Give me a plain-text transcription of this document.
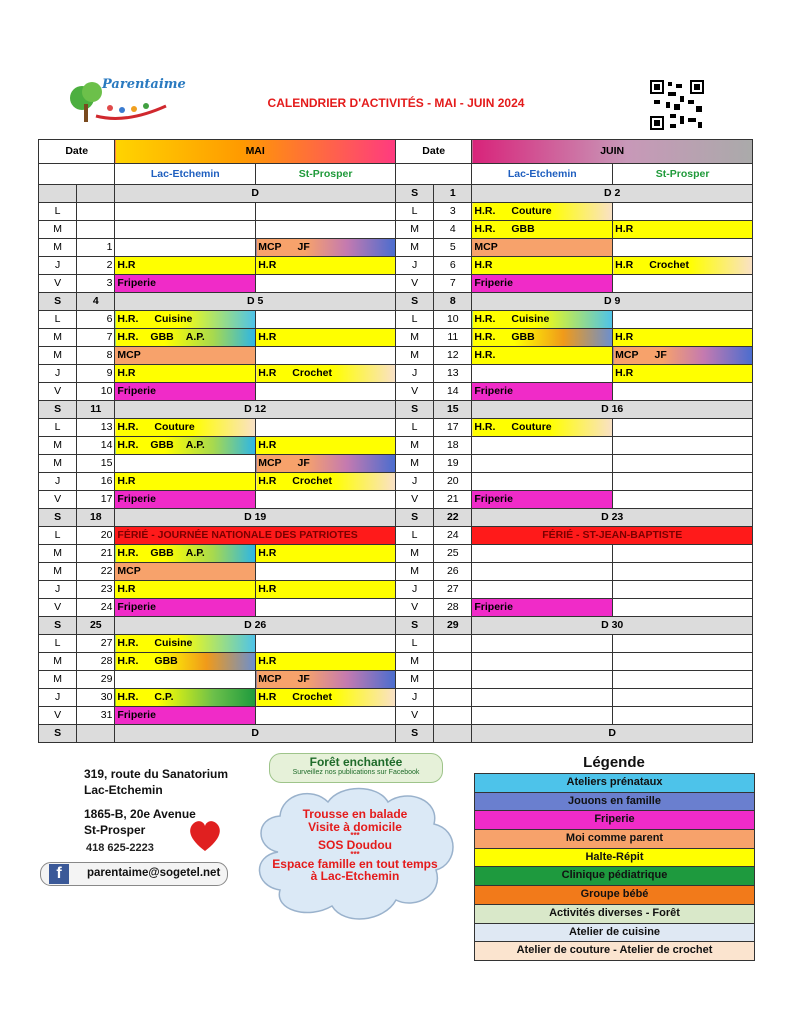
Parentaime
CALENDRIER D'ACTIVITÉS - MAI - JUIN 2024
Date		MAI		Date		JUIN	
		Lac-Etchemin	St-Prosper			Lac-Etchemin	St-Prosper
		D		S	1	D 2	
L				L	3	H.R. Couture	

M				M	4	H.R. GBB	H.R

M	1		MCP JF	M	5	MCP	

J	2	H.R	H.R	J	6	H.R	H.R Crochet

V	3	Friperie		V	7	Friperie	

S	4	D 5		S	8	D 9	
L	6	H.R. Cuisine		L	10	H.R. Cuisine	

M	7	H.R. GBB A.P.	H.R	M	11	H.R. GBB	H.R

M	8	MCP		M	12	H.R.	MCP JF

J	9	H.R	H.R Crochet	J	13		H.R

V	10	Friperie		V	14	Friperie	

S	11	D 12		S	15	D 16	
L	13	H.R. Couture		L	17	H.R. Couture	

M	14	H.R. GBB A.P.	H.R	M	18		
M	15		MCP JF	M	19		
J	16	H.R	H.R Crochet	J	20		
V	17	Friperie		V	21	Friperie	

S	18	D 19		S	22	D 23	
L	20	FÉRIÉ - JOURNÉE NATIONALE DES PATRIOTES		L	24	FÉRIÉ - ST-JEAN-BAPTISTE	
M	21	H.R. GBB A.P.	H.R	M	25		
M	22	MCP		M	26		
J	23	H.R	H.R	J	27		
V	24	Friperie		V	28	Friperie	

S	25	D 26		S	29	D 30	
L	27	H.R. Cuisine		L			
M	28	H.R. GBB	H.R	M			
M	29		MCP JF	M			
J	30	H.R. C.P.	H.R Crochet	J			
V	31	Friperie		V			
S		D		S		D	
319, route du Sanatorium
Lac-Etchemin
1865-B, 20e Avenue
St-Prosper
418 625-2223
f	parentaime@sogetel.net
Forêt enchantée
Surveillez nos publications sur Facebook
Trousse en balade
Visite à domicile
***
SOS Doudou
***
Espace famille en tout temps
à Lac-Etchemin
Légende
Ateliers prénataux
Jouons en famille
Friperie
Moi comme parent
Halte-Répit
Clinique pédiatrique
Groupe bébé
Activités diverses - Forêt
Atelier de cuisine
Atelier de couture - Atelier de crochet
